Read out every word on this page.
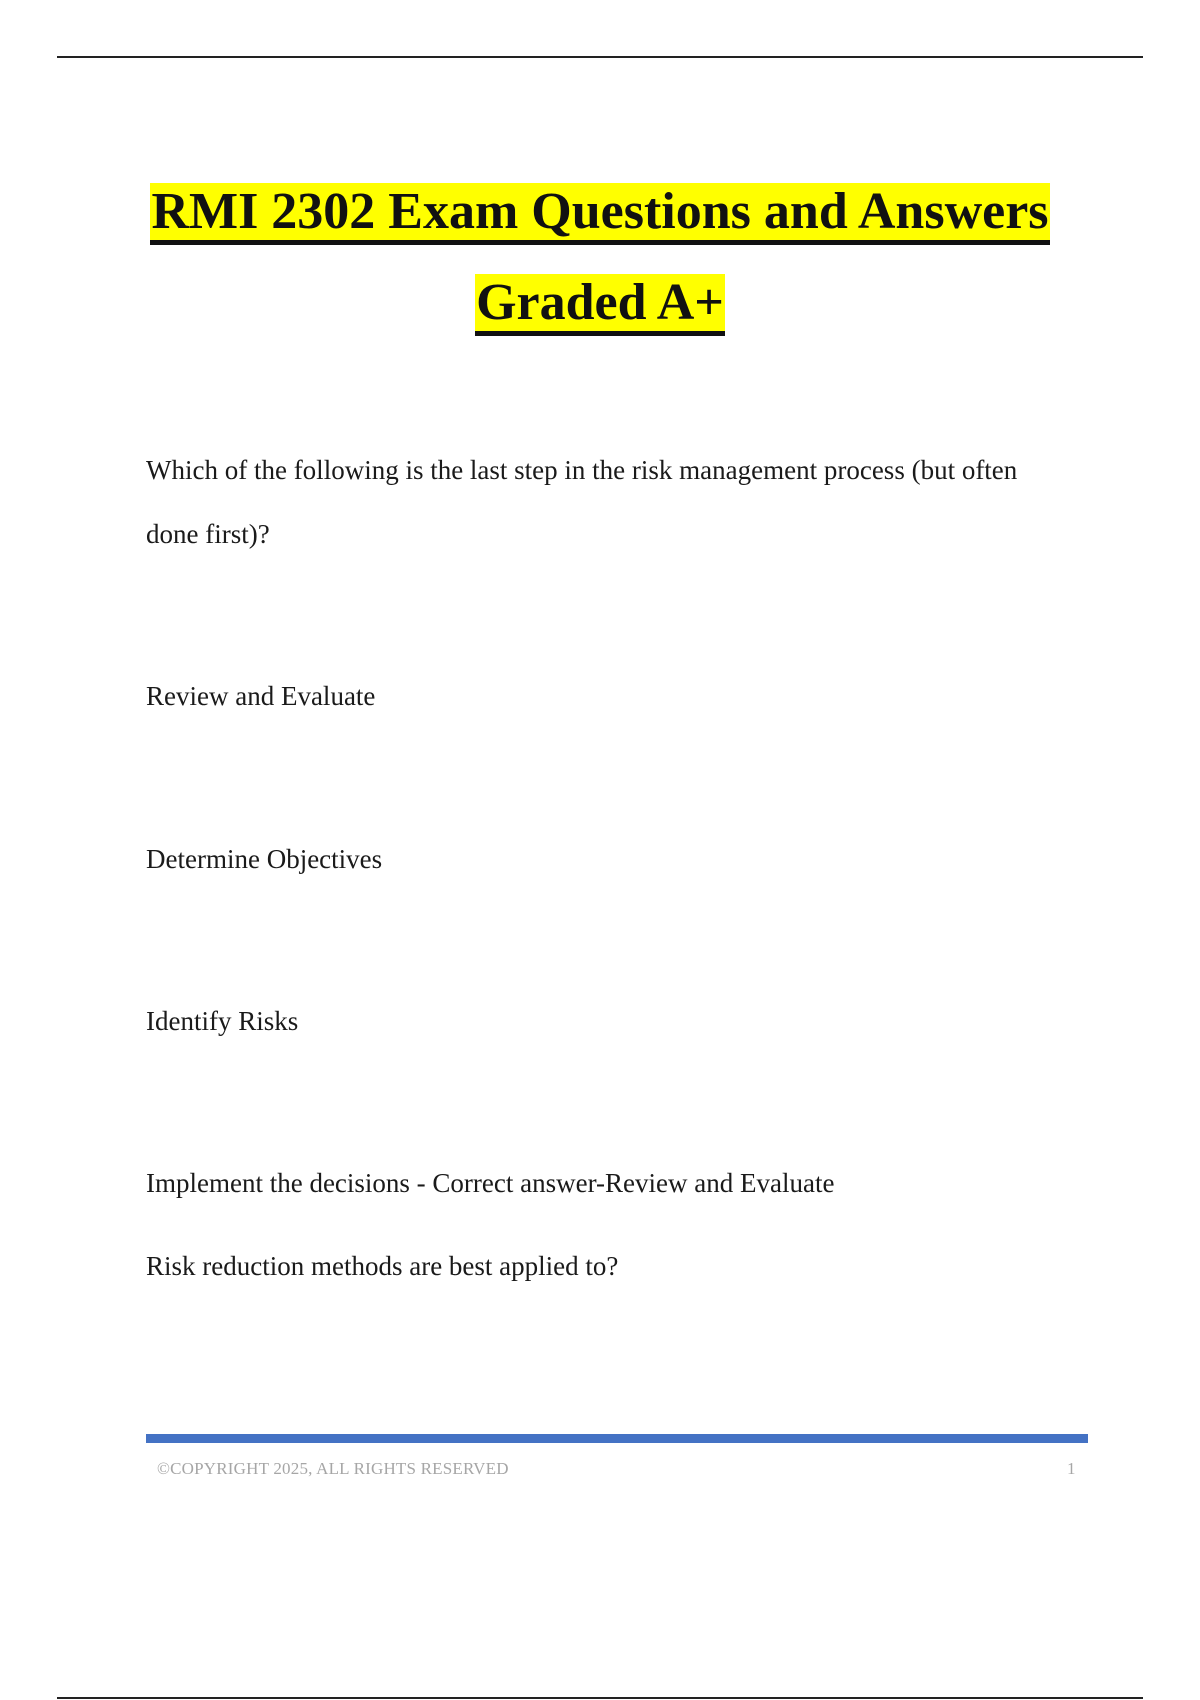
RMI 2302 Exam Questions and Answers
Graded A+
Which of the following is the last step in the risk management process (but often
done first)?
Review and Evaluate
Determine Objectives
Identify Risks
Implement the decisions - Correct answer-Review and Evaluate
Risk reduction methods are best applied to?
©COPYRIGHT 2025, ALL RIGHTS RESERVED	1
